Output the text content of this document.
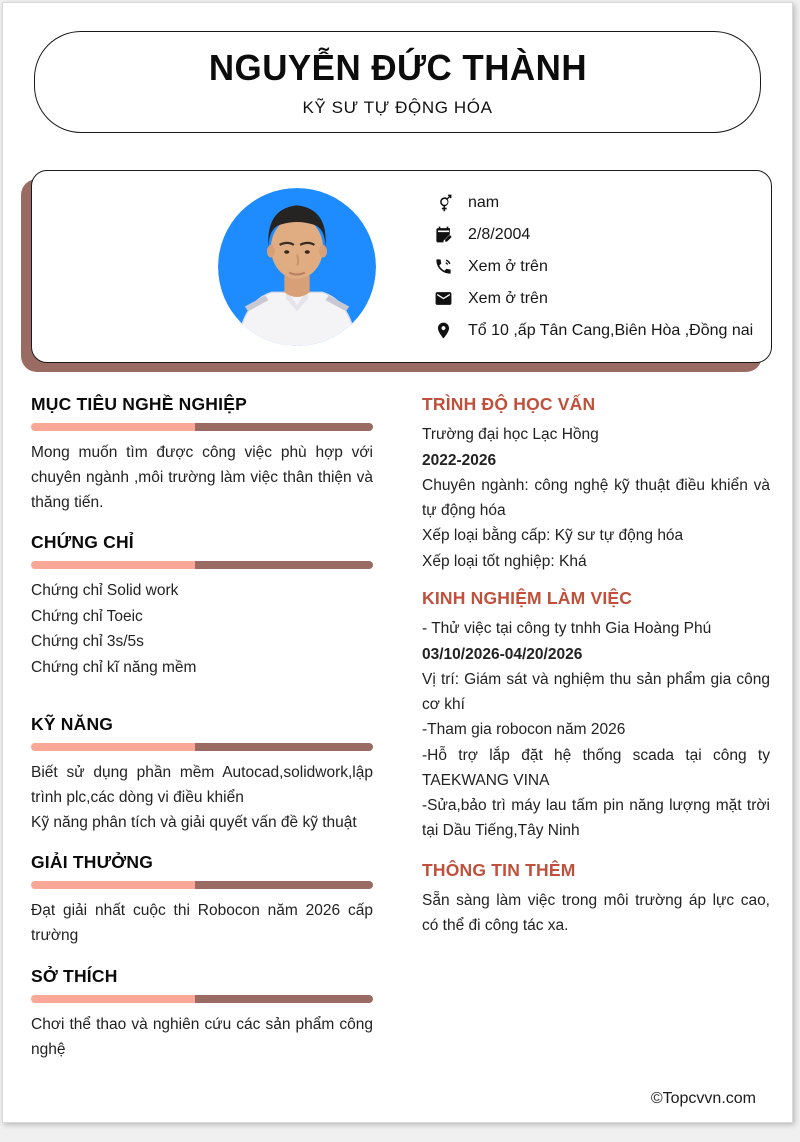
NGUYỄN ĐỨC THÀNH
KỸ SƯ TỰ ĐỘNG HÓA
nam
2/8/2004
Xem ở trên
Xem ở trên
Tổ 10 ,ấp Tân Cang,Biên Hòa ,Đồng nai
MỤC TIÊU NGHỀ NGHIỆP

Mong muốn tìm được công việc phù hợp với chuyên ngành ,môi trường làm việc thân thiện và thăng tiến.

CHỨNG CHỈ
Chứng chỉ Solid work
Chứng chỉ Toeic
Chứng chỉ 3s/5s
Chứng chỉ kĩ năng mềm
KỸ NĂNG

Biết sử dụng phần mềm Autocad,solidwork,lập trình plc,các dòng vi điều khiển

Kỹ năng phân tích và giải quyết vấn đề kỹ thuật

GIẢI THƯỞNG

Đạt giải nhất cuộc thi Robocon năm 2026 cấp trường

SỞ THÍCH

Chơi thể thao và nghiên cứu các sản phẩm công nghệ

TRÌNH ĐỘ HỌC VẤN
Trường đại học Lạc Hồng
2022-2026

Chuyên ngành: công nghệ kỹ thuật điều khiển và tự động hóa

Xếp loại bằng cấp: Kỹ sư tự động hóa
Xếp loại tốt nghiệp: Khá
KINH NGHIỆM LÀM VIỆC
- Thử việc tại công ty tnhh Gia Hoàng Phú
03/10/2026-04/20/2026

Vị trí: Giám sát và nghiệm thu sản phẩm gia công cơ khí

-Tham gia robocon năm 2026

-Hỗ trợ lắp đặt hệ thống scada tại công ty TAEKWANG VINA

-Sửa,bảo trì máy lau tấm pin năng lượng mặt trời tại Dầu Tiếng,Tây Ninh

THÔNG TIN THÊM

Sẵn sàng làm việc trong môi trường áp lực cao, có thể đi công tác xa.

©Topcvvn.com
